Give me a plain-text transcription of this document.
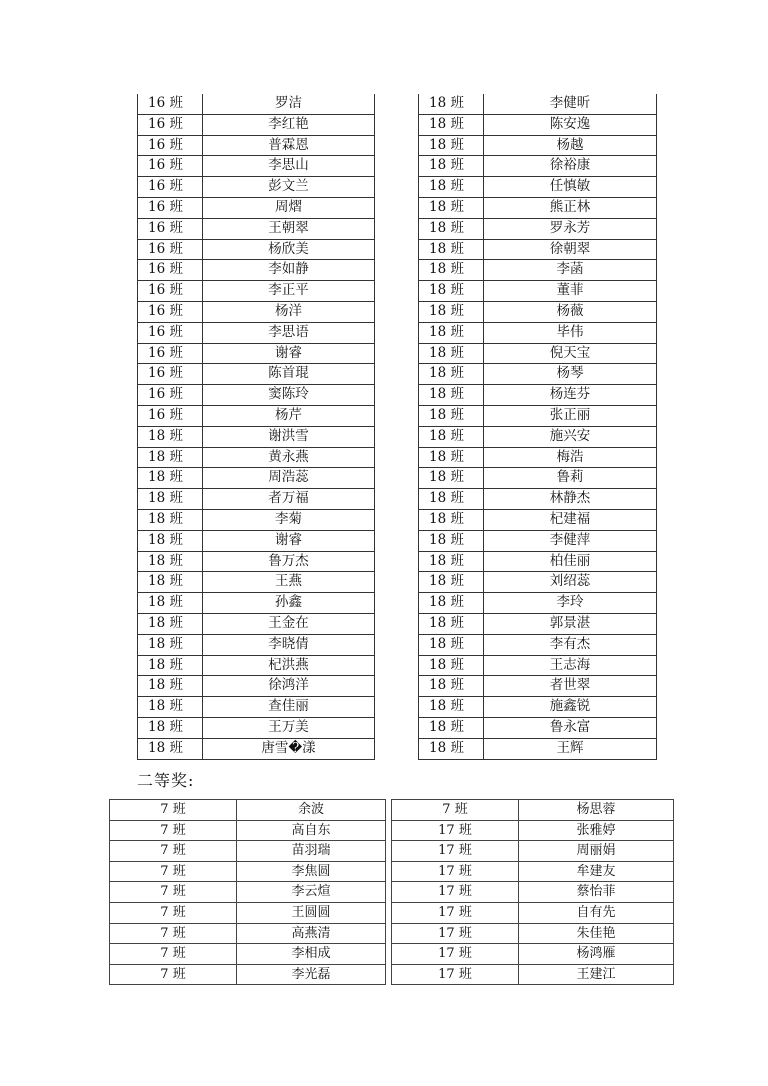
16 班	罗洁
16 班	李红艳
16 班	普霖恩
16 班	李思山
16 班	彭文兰
16 班	周熠
16 班	王朝翠
16 班	杨欣美
16 班	李如静
16 班	李正平
16 班	杨洋
16 班	李思语
16 班	谢睿
16 班	陈首琨
16 班	窦陈玲
16 班	杨芹
18 班	谢洪雪
18 班	黄永燕
18 班	周浩蕊
18 班	者万福
18 班	李菊
18 班	谢睿
18 班	鲁万杰
18 班	王燕
18 班	孙鑫
18 班	王金在
18 班	李晓倩
18 班	杞洪燕
18 班	徐鸿洋
18 班	查佳丽
18 班	王万美
18 班	唐雪�漾
18 班	李健昕
18 班	陈安逸
18 班	杨越
18 班	徐裕康
18 班	任慎敏
18 班	熊正林
18 班	罗永芳
18 班	徐朝翠
18 班	李菡
18 班	董菲
18 班	杨薇
18 班	毕伟
18 班	倪天宝
18 班	杨琴
18 班	杨连芬
18 班	张正丽
18 班	施兴安
18 班	梅浩
18 班	鲁莉
18 班	林静杰
18 班	杞建福
18 班	李健萍
18 班	柏佳丽
18 班	刘绍蕊
18 班	李玲
18 班	郭景湛
18 班	李有杰
18 班	王志海
18 班	者世翠
18 班	施鑫锐
18 班	鲁永富
18 班	王辉
二等奖:
7 班	余波
7 班	高自东
7 班	苗羽瑞
7 班	李焦圆
7 班	李云煊
7 班	王圆圆
7 班	高燕清
7 班	李相成
7 班	李光磊
7 班	杨思蓉
17 班	张雅婷
17 班	周丽娟
17 班	牟建友
17 班	蔡怡菲
17 班	自有先
17 班	朱佳艳
17 班	杨鸿雁
17 班	王建江
